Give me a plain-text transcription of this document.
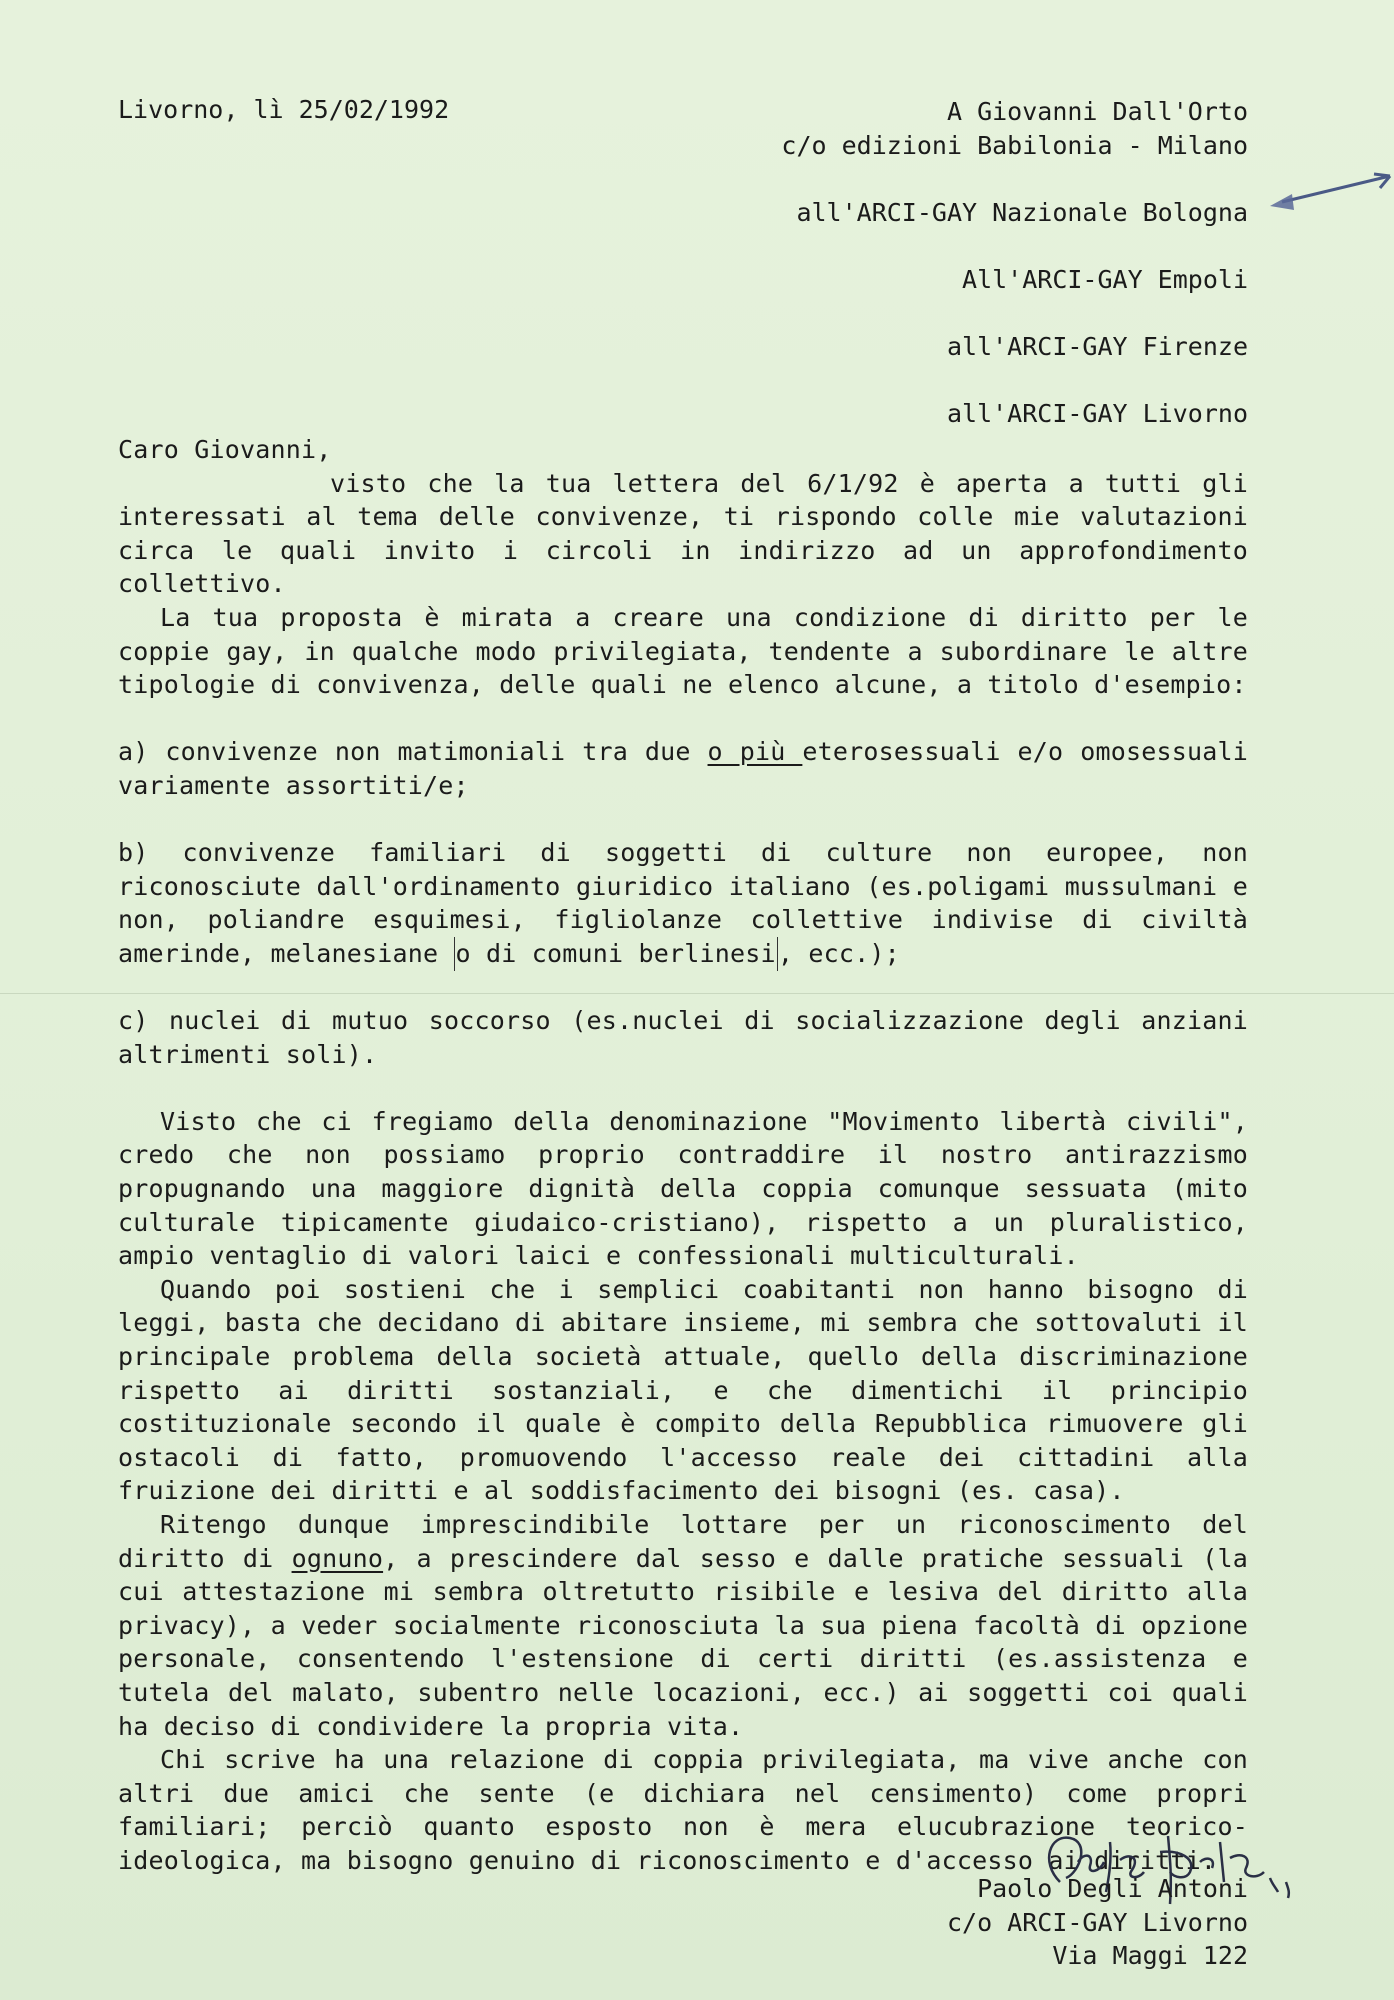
Livorno, lì 25/02/1992	A Giovanni Dall'Orto
c/o edizioni Babilonia - Milano
all'ARCI-GAY Nazionale Bologna
All'ARCI-GAY Empoli
all'ARCI-GAY Firenze
all'ARCI-GAY Livorno

Caro Giovanni,

visto che la tua lettera del 6/1/92 è aperta a tutti gli interessati al tema delle convivenze, ti rispondo colle mie valutazioni circa le quali invito i circoli in indirizzo ad un approfondimento collettivo.

La tua proposta è mirata a creare una condizione di diritto per le coppie gay, in qualche modo privilegiata, tendente a subordinare le altre tipologie di convivenza, delle quali ne elenco alcune, a titolo d'esempio:

a) convivenze non matimoniali tra due o più eterosessuali e/o omosessuali variamente assortiti/e;

b) convivenze familiari di soggetti di culture non europee, non riconosciute dall'ordinamento giuridico italiano (es.poligami mussulmani e non, poliandre esquimesi, figliolanze collettive indivise di civiltà amerinde, melanesiane o di comuni berlinesi, ecc.);

c) nuclei di mutuo soccorso (es.nuclei di socializzazione degli anziani altrimenti soli).

Visto che ci fregiamo della denominazione "Movimento libertà civili", credo che non possiamo proprio contraddire il nostro antirazzismo propugnando una maggiore dignità della coppia comunque sessuata (mito culturale tipicamente giudaico-cristiano), rispetto a un pluralistico, ampio ventaglio di valori laici e confessionali multiculturali.

Quando poi sostieni che i semplici coabitanti non hanno bisogno di leggi, basta che decidano di abitare insieme, mi sembra che sottovaluti il principale problema della società attuale, quello della discriminazione rispetto ai diritti sostanziali, e che dimentichi il principio costituzionale secondo il quale è compito della Repubblica rimuovere gli ostacoli di fatto, promuovendo l'accesso reale dei cittadini alla fruizione dei diritti e al soddisfacimento dei bisogni (es. casa).

Ritengo dunque imprescindibile lottare per un riconoscimento del diritto di ognuno, a prescindere dal sesso e dalle pratiche sessuali (la cui attestazione mi sembra oltretutto risibile e lesiva del diritto alla privacy), a veder socialmente riconosciuta la sua piena facoltà di opzione personale, consentendo l'estensione di certi diritti (es.assistenza e tutela del malato, subentro nelle locazioni, ecc.) ai soggetti coi quali ha deciso di condividere la propria vita.

Chi scrive ha una relazione di coppia privilegiata, ma vive anche con altri due amici che sente (e dichiara nel censimento) come propri familiari; perciò quanto esposto non è mera elucubrazione teorico-ideologica, ma bisogno genuino di riconoscimento e d'accesso ai diritti.

Paolo Degli Antoni
c/o ARCI-GAY Livorno
Via Maggi 122
